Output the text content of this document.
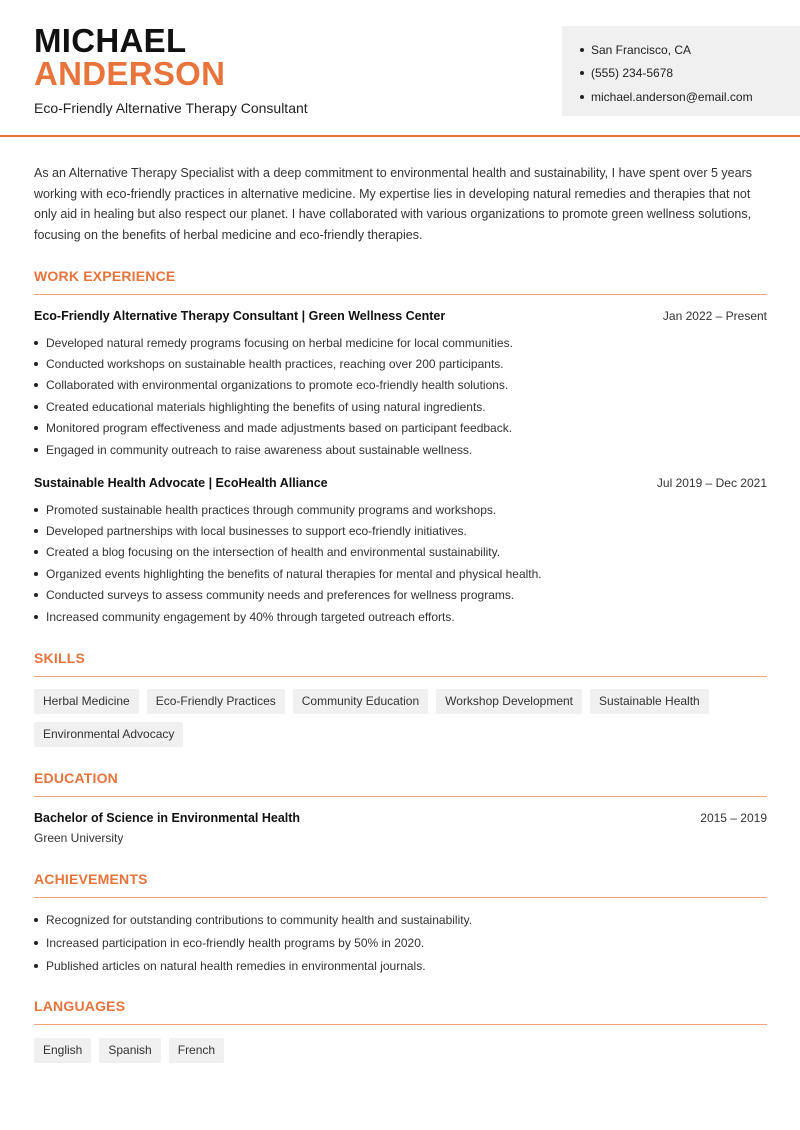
MICHAEL
ANDERSON
Eco-Friendly Alternative Therapy Consultant
San Francisco, CA
(555) 234-5678
michael.anderson@email.com

As an Alternative Therapy Specialist with a deep commitment to environmental health and sustainability, I have spent over 5 years working with eco-friendly practices in alternative medicine. My expertise lies in developing natural remedies and therapies that not only aid in healing but also respect our planet. I have collaborated with various organizations to promote green wellness solutions, focusing on the benefits of herbal medicine and eco-friendly therapies.

WORK EXPERIENCE
Eco-Friendly Alternative Therapy Consultant | Green Wellness Center	Jan 2022 – Present
Developed natural remedy programs focusing on herbal medicine for local communities.
Conducted workshops on sustainable health practices, reaching over 200 participants.
Collaborated with environmental organizations to promote eco-friendly health solutions.
Created educational materials highlighting the benefits of using natural ingredients.
Monitored program effectiveness and made adjustments based on participant feedback.
Engaged in community outreach to raise awareness about sustainable wellness.
Sustainable Health Advocate | EcoHealth Alliance	Jul 2019 – Dec 2021
Promoted sustainable health practices through community programs and workshops.
Developed partnerships with local businesses to support eco-friendly initiatives.
Created a blog focusing on the intersection of health and environmental sustainability.
Organized events highlighting the benefits of natural therapies for mental and physical health.
Conducted surveys to assess community needs and preferences for wellness programs.
Increased community engagement by 40% through targeted outreach efforts.
SKILLS
Herbal Medicine	Eco-Friendly Practices	Community Education	Workshop Development	Sustainable Health
Environmental Advocacy
EDUCATION
Bachelor of Science in Environmental Health	2015 – 2019
Green University
ACHIEVEMENTS
Recognized for outstanding contributions to community health and sustainability.
Increased participation in eco-friendly health programs by 50% in 2020.
Published articles on natural health remedies in environmental journals.
LANGUAGES
English	Spanish	French
